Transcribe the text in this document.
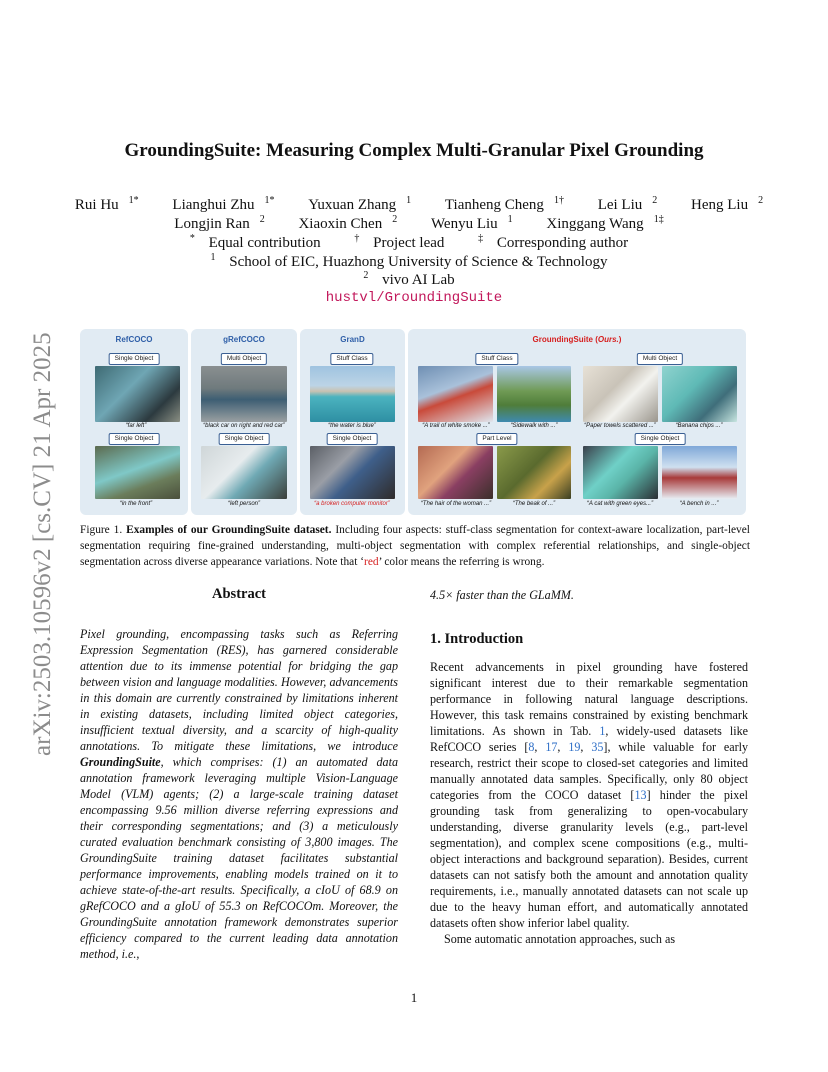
arXiv:2503.10596v2 [cs.CV] 21 Apr 2025
GroundingSuite: Measuring Complex Multi-Granular Pixel Grounding
Rui Hu $^{1*}$ Lianghui Zhu $^{1*}$ Yuxuan Zhang $^1$ Tianheng Cheng $^{1\dagger}$ Lei Liu $^2$ Heng Liu $^2$
Longjin Ran $^2$ Xiaoxin Chen $^2$ Wenyu Liu $^1$ Xinggang Wang $^{1\ddagger}$
* Equal contribution	† Project lead	‡ Corresponding author
$^1$ School of EIC, Huazhong University of Science & Technology
$^2$ vivo AI Lab
hustvl/GroundingSuite
RefCOCO
Single Object
“far left”
Single Object
“in the front”
gRefCOCO
Multi Object
“black car on right and red car”
Single Object
“left person”
GranD
Stuff Class
“the water is blue”
Single Object
“a broken computer monitor”
GroundingSuite (Ours.)
Stuff Class	Multi Object
“A trail of white smoke ...”	“Sidewalk with ...”	“Paper towels scattered ...”	“Banana chips ...”
Part Level	Single Object
“The hair of the woman ...”	“The beak of ...”	“A cat with green eyes...”	“A bench in ...”
Figure 1. Examples of our GroundingSuite dataset. Including four aspects: stuff-class segmentation for context-aware localization, part-level segmentation requiring fine-grained understanding, multi-object segmentation with complex referential relationships, and single-object segmentation across diverse appearance variations. Note that ‘red’ color means the referring is wrong.
Abstract
Pixel grounding, encompassing tasks such as Referring Expression Segmentation (RES), has garnered considerable attention due to its immense potential for bridging the gap between vision and language modalities. However, advancements in this domain are currently constrained by limitations inherent in existing datasets, including limited object categories, insufficient textual diversity, and a scarcity of high-quality annotations. To mitigate these limitations, we introduce GroundingSuite, which comprises: (1) an automated data annotation framework leveraging multiple Vision-Language Model (VLM) agents; (2) a large-scale training dataset encompassing 9.56 million diverse referring expressions and their corresponding segmentations; and (3) a meticulously curated evaluation benchmark consisting of 3,800 images. The GroundingSuite training dataset facilitates substantial performance improvements, enabling models trained on it to achieve state-of-the-art results. Specifically, a cIoU of 68.9 on gRefCOCO and a gIoU of 55.3 on RefCOCOm. Moreover, the GroundingSuite annotation framework demonstrates superior efficiency compared to the current leading data annotation method, i.e.,
4.5× faster than the GLaMM.
1. Introduction
Recent advancements in pixel grounding have fostered significant interest due to their remarkable segmentation performance in following natural language descriptions. However, this task remains constrained by existing benchmark limitations. As shown in Tab. 1, widely-used datasets like RefCOCO series [8, 17, 19, 35], while valuable for early research, restrict their scope to closed-set categories and limited manually annotated data samples. Specifically, only 80 object categories from the COCO dataset [13] hinder the pixel grounding task from generalizing to open-vocabulary understanding, diverse granularity levels (e.g., part-level segmentation), and complex scene compositions (e.g., multi-object interactions and background separation). Besides, current datasets can not satisfy both the amount and annotation quality requirements, i.e., manually annotated datasets can not scale up due to the heavy human effort, and automatically annotated datasets often show inferior label quality.
Some automatic annotation approaches, such as
1
